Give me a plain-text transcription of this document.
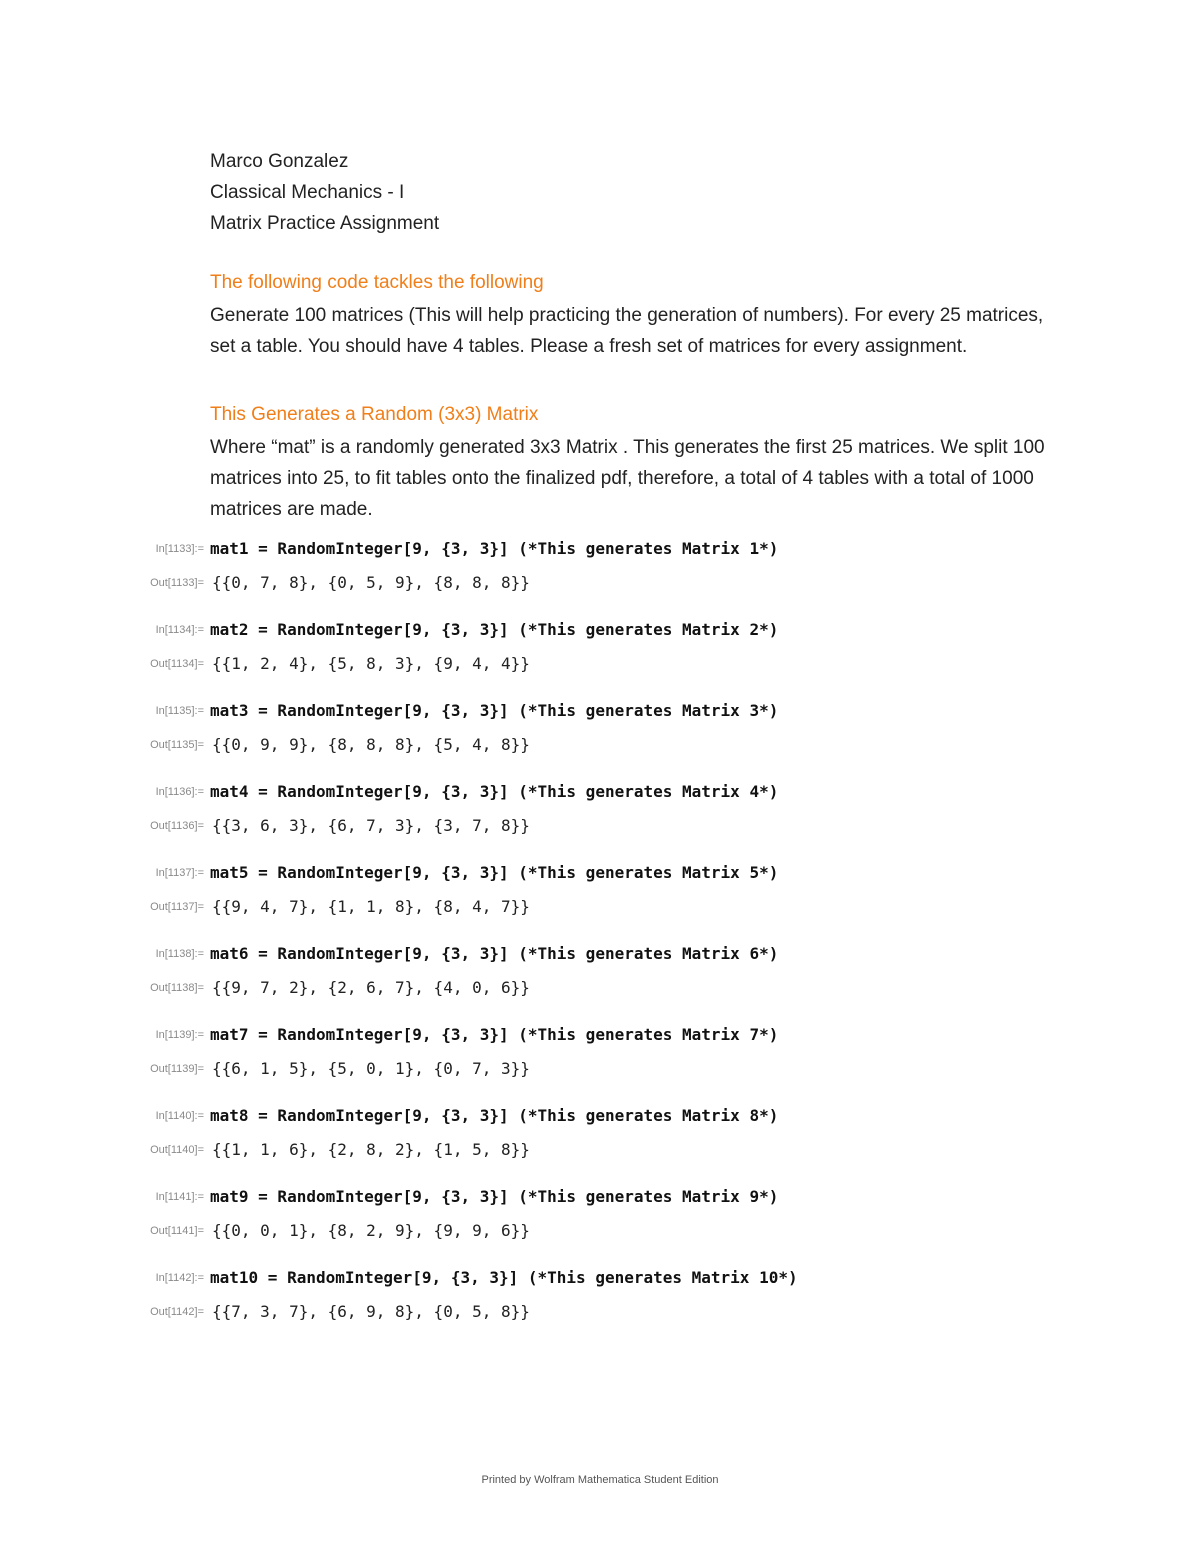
Marco Gonzalez
Classical Mechanics - I
Matrix Practice Assignment
The following code tackles the following
Generate 100 matrices (This will help practicing the generation of numbers). For every 25 matrices, set a table. You should have 4 tables. Please a fresh set of matrices for every assignment.
This Generates a Random (3x3) Matrix
Where “mat” is a randomly generated 3x3 Matrix . This generates the first 25 matrices. We split 100 matrices into 25, to fit tables onto the finalized pdf, therefore, a total of 4 tables with a total of 1000 matrices are made.
In[1133]:= mat1 = RandomInteger[9, {3, 3}] (*This generates Matrix 1*)
Out[1133]= {{0, 7, 8}, {0, 5, 9}, {8, 8, 8}}
In[1134]:= mat2 = RandomInteger[9, {3, 3}] (*This generates Matrix 2*)
Out[1134]= {{1, 2, 4}, {5, 8, 3}, {9, 4, 4}}
In[1135]:= mat3 = RandomInteger[9, {3, 3}] (*This generates Matrix 3*)
Out[1135]= {{0, 9, 9}, {8, 8, 8}, {5, 4, 8}}
In[1136]:= mat4 = RandomInteger[9, {3, 3}] (*This generates Matrix 4*)
Out[1136]= {{3, 6, 3}, {6, 7, 3}, {3, 7, 8}}
In[1137]:= mat5 = RandomInteger[9, {3, 3}] (*This generates Matrix 5*)
Out[1137]= {{9, 4, 7}, {1, 1, 8}, {8, 4, 7}}
In[1138]:= mat6 = RandomInteger[9, {3, 3}] (*This generates Matrix 6*)
Out[1138]= {{9, 7, 2}, {2, 6, 7}, {4, 0, 6}}
In[1139]:= mat7 = RandomInteger[9, {3, 3}] (*This generates Matrix 7*)
Out[1139]= {{6, 1, 5}, {5, 0, 1}, {0, 7, 3}}
In[1140]:= mat8 = RandomInteger[9, {3, 3}] (*This generates Matrix 8*)
Out[1140]= {{1, 1, 6}, {2, 8, 2}, {1, 5, 8}}
In[1141]:= mat9 = RandomInteger[9, {3, 3}] (*This generates Matrix 9*)
Out[1141]= {{0, 0, 1}, {8, 2, 9}, {9, 9, 6}}
In[1142]:= mat10 = RandomInteger[9, {3, 3}] (*This generates Matrix 10*)
Out[1142]= {{7, 3, 7}, {6, 9, 8}, {0, 5, 8}}
Printed by Wolfram Mathematica Student Edition
